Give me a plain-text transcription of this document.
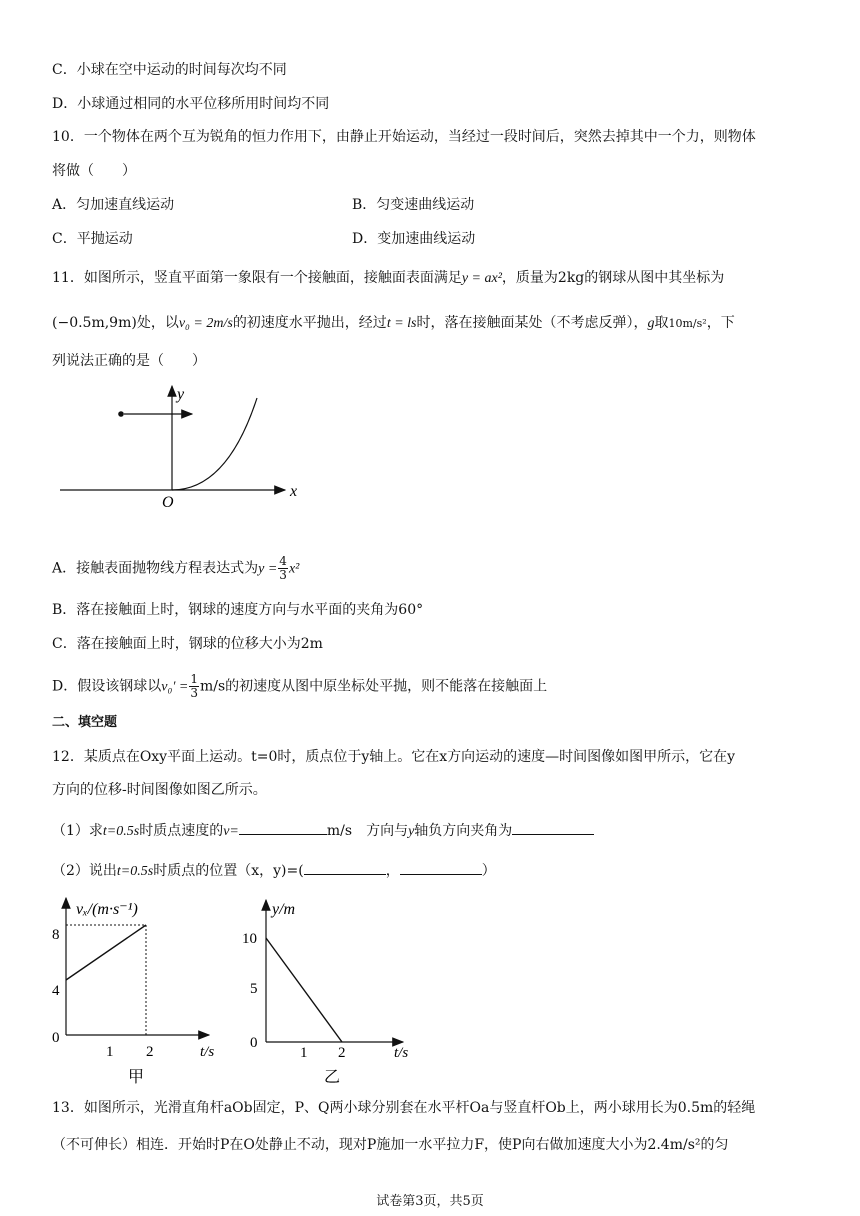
C．小球在空中运动的时间每次均不同
D．小球通过相同的水平位移所用时间均不同
10．一个物体在两个互为锐角的恒力作用下，由静止开始运动，当经过一段时间后，突然去掉其中一个力，则物体
将做（　　）
A．匀加速直线运动	B．匀变速曲线运动
C．平抛运动	D．变加速曲线运动
11．如图所示，竖直平面第一象限有一个接触面，接触面表面满足y = ax²，质量为2kg的钢球从图中其坐标为
(−0.5m,9m)处，以v₀ = 2m/s的初速度水平抛出，经过t = ls时，落在接触面某处（不考虑反弹），g取10m/s²，下
列说法正确的是（　　）
y
x
O
A．接触表面抛物线方程表达式为$y = \frac{4}{3} x^2$
B．落在接触面上时，钢球的速度方向与水平面的夹角为60°
C．落在接触面上时，钢球的位移大小为2m
D．假设该钢球以$v_0' = \frac{1}{3} m/s$的初速度从图中原坐标处平抛，则不能落在接触面上
二、填空题
12．某质点在Oxy平面上运动。t=0时，质点位于y轴上。它在x方向运动的速度—时间图像如图甲所示，它在y
方向的位移-时间图像如图乙所示。
（1）求t=0.5s时质点速度的v=	m/s　方向与y轴负方向夹角为
（2）说出t=0.5s时质点的位置（x，y)=(	，	）
vₓ/(m·s⁻¹)
8
4
0
1 2	t/s
甲
y/m
10
5
0
1 2	t/s
乙
13．如图所示，光滑直角杆aOb固定，P、Q两小球分别套在水平杆Oa与竖直杆Ob上，两小球用长为0.5m的轻绳
（不可伸长）相连．开始时P在O处静止不动，现对P施加一水平拉力F，使P向右做加速度大小为2.4m/s²的匀
试卷第3页，共5页
